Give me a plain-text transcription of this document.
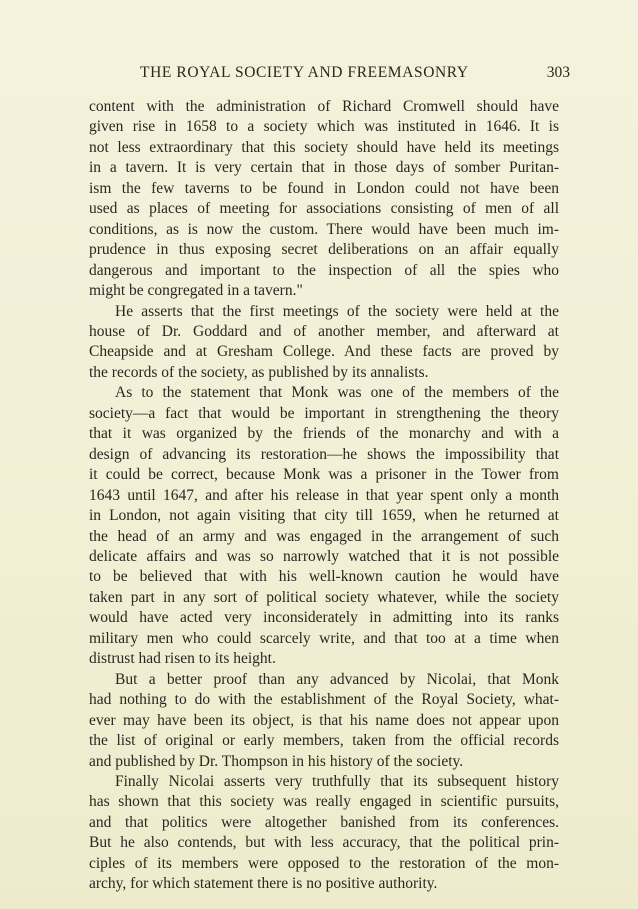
THE ROYAL SOCIETY AND FREEMASONRY	303
content with the administration of Richard Cromwell should have
given rise in 1658 to a society which was instituted in 1646. It is
not less extraordinary that this society should have held its meetings
in a tavern. It is very certain that in those days of somber Puritan-
ism the few taverns to be found in London could not have been
used as places of meeting for associations consisting of men of all
conditions, as is now the custom. There would have been much im-
prudence in thus exposing secret deliberations on an affair equally
dangerous and important to the inspection of all the spies who
might be congregated in a tavern."
He asserts that the first meetings of the society were held at the
house of Dr. Goddard and of another member, and afterward at
Cheapside and at Gresham College. And these facts are proved by
the records of the society, as published by its annalists.
As to the statement that Monk was one of the members of the
society—a fact that would be important in strengthening the theory
that it was organized by the friends of the monarchy and with a
design of advancing its restoration—he shows the impossibility that
it could be correct, because Monk was a prisoner in the Tower from
1643 until 1647, and after his release in that year spent only a month
in London, not again visiting that city till 1659, when he returned at
the head of an army and was engaged in the arrangement of such
delicate affairs and was so narrowly watched that it is not possible
to be believed that with his well-known caution he would have
taken part in any sort of political society whatever, while the society
would have acted very inconsiderately in admitting into its ranks
military men who could scarcely write, and that too at a time when
distrust had risen to its height.
But a better proof than any advanced by Nicolai, that Monk
had nothing to do with the establishment of the Royal Society, what-
ever may have been its object, is that his name does not appear upon
the list of original or early members, taken from the official records
and published by Dr. Thompson in his history of the society.
Finally Nicolai asserts very truthfully that its subsequent history
has shown that this society was really engaged in scientific pursuits,
and that politics were altogether banished from its conferences.
But he also contends, but with less accuracy, that the political prin-
ciples of its members were opposed to the restoration of the mon-
archy, for which statement there is no positive authority.
